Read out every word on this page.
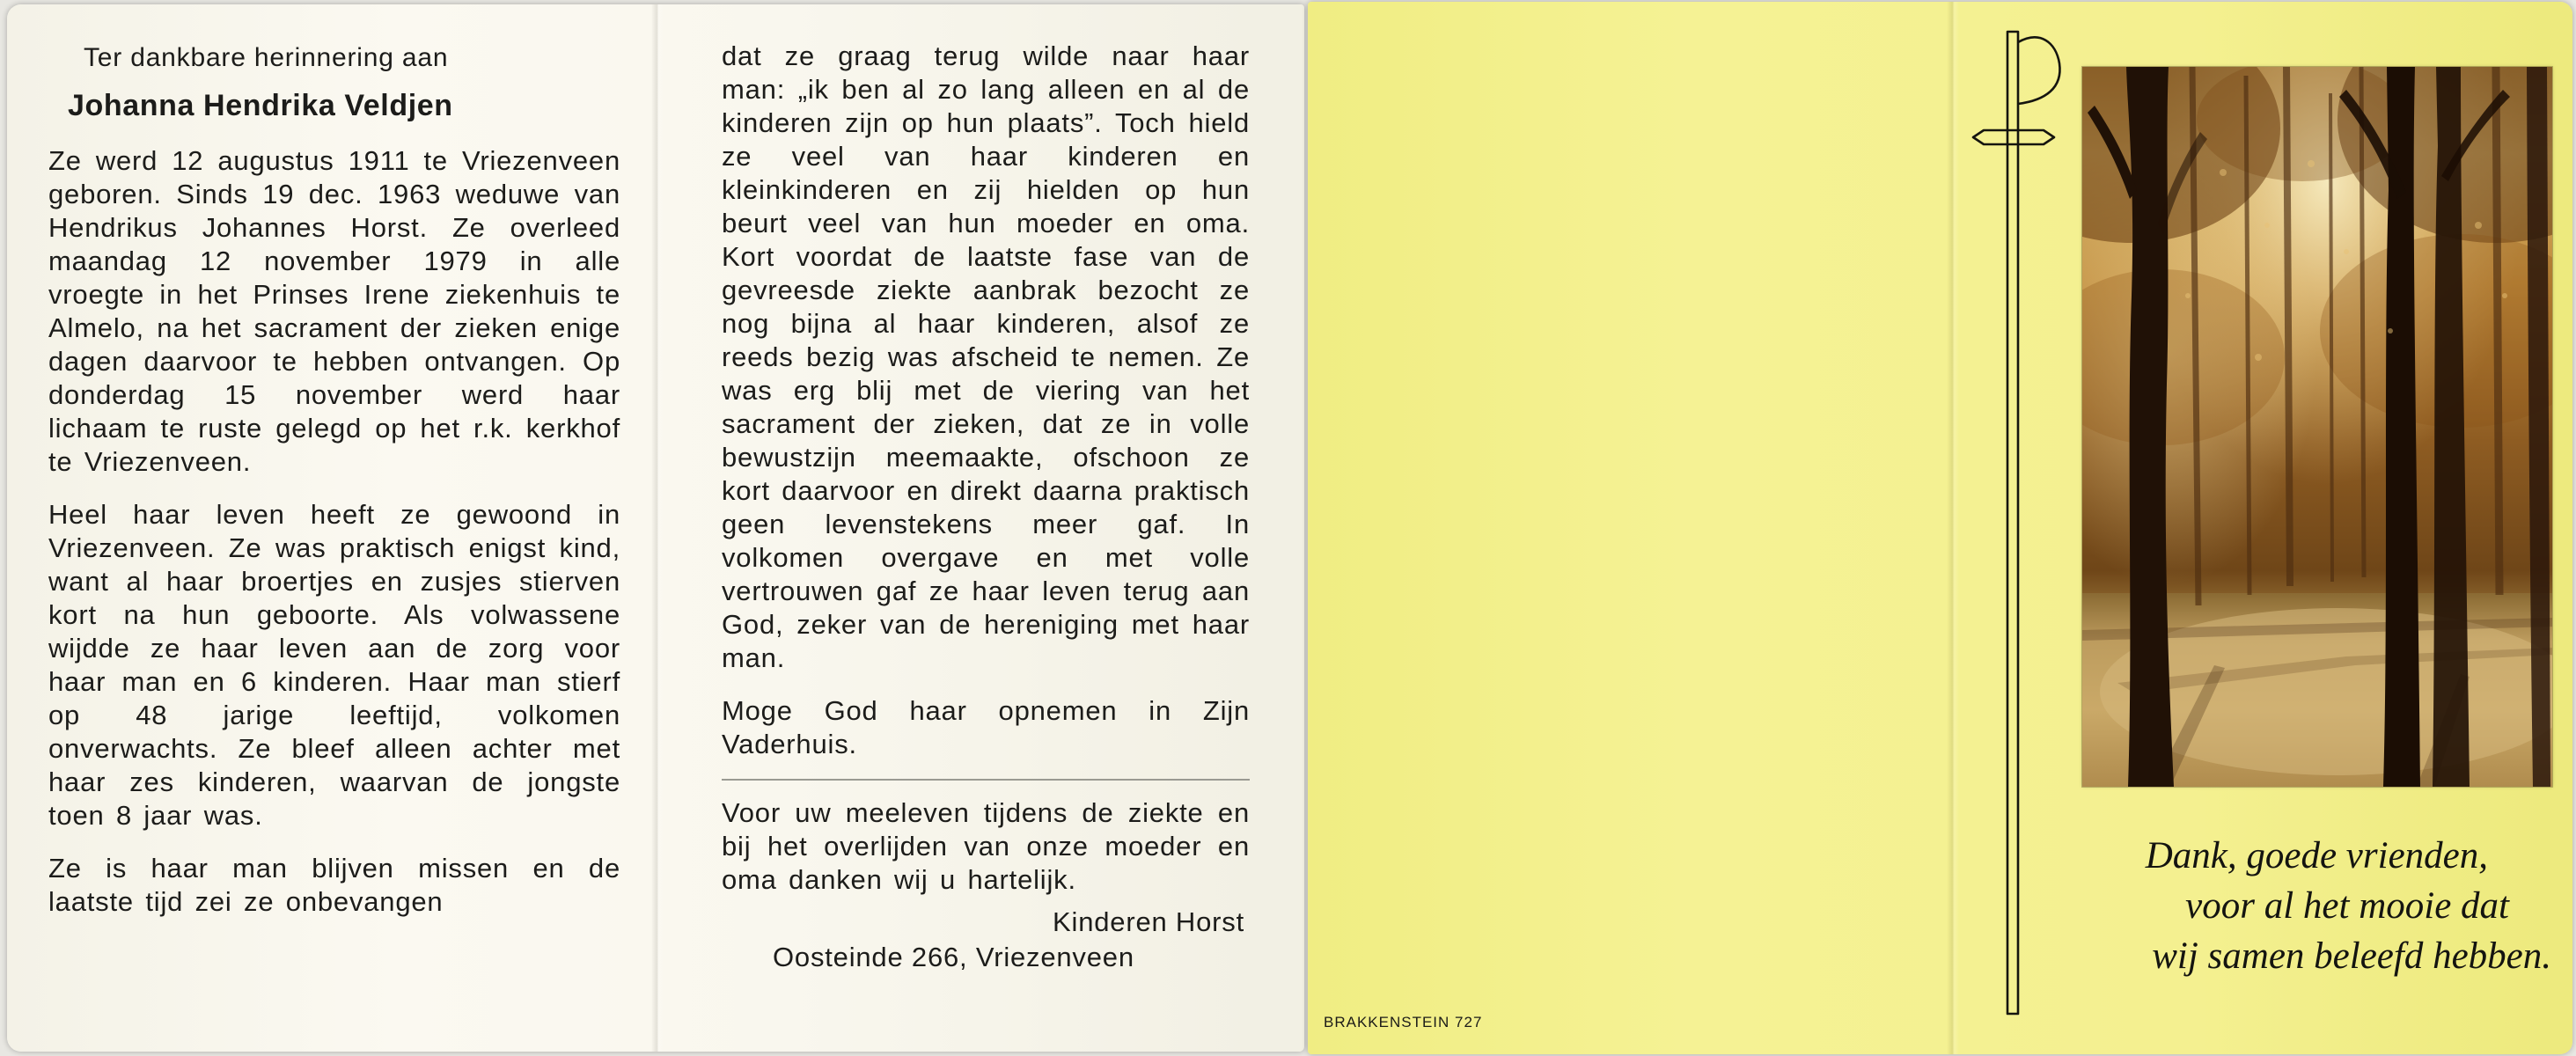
Ter dankbare herinnering aan

Johanna Hendrika Veldjen

Ze werd 12 augustus 1911 te Vriezenveen geboren. Sinds 19 dec. 1963 weduwe van Hendrikus Johannes Horst. Ze overleed maandag 12 november 1979 in alle vroegte in het Prinses Irene ziekenhuis te Almelo, na het sacrament der zieken enige dagen daarvoor te hebben ontvangen. Op donderdag 15 november werd haar lichaam te ruste gelegd op het r.k. kerkhof te Vriezenveen.

Heel haar leven heeft ze gewoond in Vriezenveen. Ze was praktisch enigst kind, want al haar broertjes en zusjes stierven kort na hun geboorte. Als volwassene wijdde ze haar leven aan de zorg voor haar man en 6 kinderen. Haar man stierf op 48 jarige leeftijd, volkomen onverwachts. Ze bleef alleen achter met haar zes kinderen, waarvan de jongste toen 8 jaar was.

Ze is haar man blijven missen en de laatste tijd zei ze onbevangen

dat ze graag terug wilde naar haar man: „ik ben al zo lang alleen en al de kinderen zijn op hun plaats”. Toch hield ze veel van haar kinderen en kleinkinderen en zij hielden op hun beurt veel van hun moeder en oma. Kort voordat de laatste fase van de gevreesde ziekte aanbrak bezocht ze nog bijna al haar kinderen, alsof ze reeds bezig was afscheid te nemen. Ze was erg blij met de viering van het sacrament der zieken, dat ze in volle bewustzijn meemaakte, ofschoon ze kort daarvoor en direkt daarna praktisch geen levenstekens meer gaf. In volkomen overgave en met volle vertrouwen gaf ze haar leven terug aan God, zeker van de hereniging met haar man.

Moge God haar opnemen in Zijn Vaderhuis.

Voor uw meeleven tijdens de ziekte en bij het overlijden van onze moeder en oma danken wij u hartelijk.

Kinderen Horst

Oosteinde 266, Vriezenveen

BRAKKENSTEIN 727
Dank, goede vrienden,
voor al het mooie dat
wij samen beleefd hebben.
